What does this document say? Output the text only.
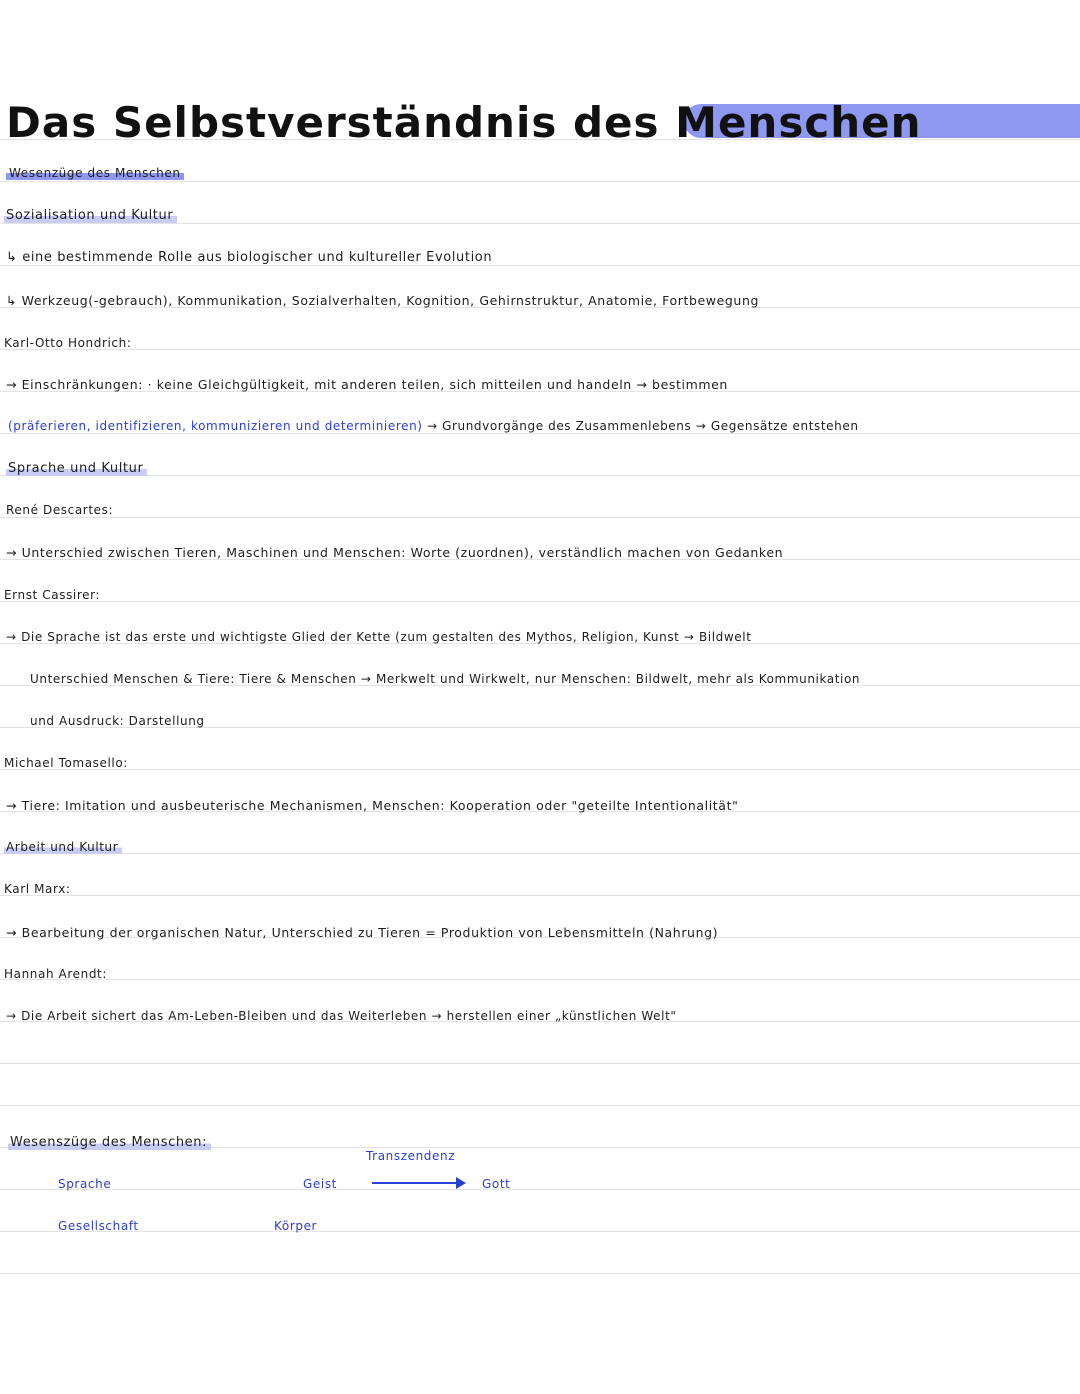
Das Selbstverständnis des Menschen
Wesenzüge des Menschen
Sozialisation und Kultur
↳ eine bestimmende Rolle aus biologischer und kultureller Evolution
↳ Werkzeug(-gebrauch), Kommunikation, Sozialverhalten, Kognition, Gehirnstruktur, Anatomie, Fortbewegung
Karl-Otto Hondrich:
→ Einschränkungen: · keine Gleichgültigkeit, mit anderen teilen, sich mitteilen und handeln → bestimmen
(präferieren, identifizieren, kommunizieren und determinieren) → Grundvorgänge des Zusammenlebens → Gegensätze entstehen
Sprache und Kultur
René Descartes:
→ Unterschied zwischen Tieren, Maschinen und Menschen: Worte (zuordnen), verständlich machen von Gedanken
Ernst Cassirer:
→ Die Sprache ist das erste und wichtigste Glied der Kette (zum gestalten des Mythos, Religion, Kunst → Bildwelt
Unterschied Menschen & Tiere: Tiere & Menschen → Merkwelt und Wirkwelt, nur Menschen: Bildwelt, mehr als Kommunikation
und Ausdruck: Darstellung
Michael Tomasello:
→ Tiere: Imitation und ausbeuterische Mechanismen, Menschen: Kooperation oder "geteilte Intentionalität"
Arbeit und Kultur
Karl Marx:
→ Bearbeitung der organischen Natur, Unterschied zu Tieren = Produktion von Lebensmitteln (Nahrung)
Hannah Arendt:
→ Die Arbeit sichert das Am-Leben-Bleiben und das Weiterleben → herstellen einer „künstlichen Welt"
Wesenszüge des Menschen:
Transzendenz
Sprache	Geist	Gott
Gesellschaft	Körper
